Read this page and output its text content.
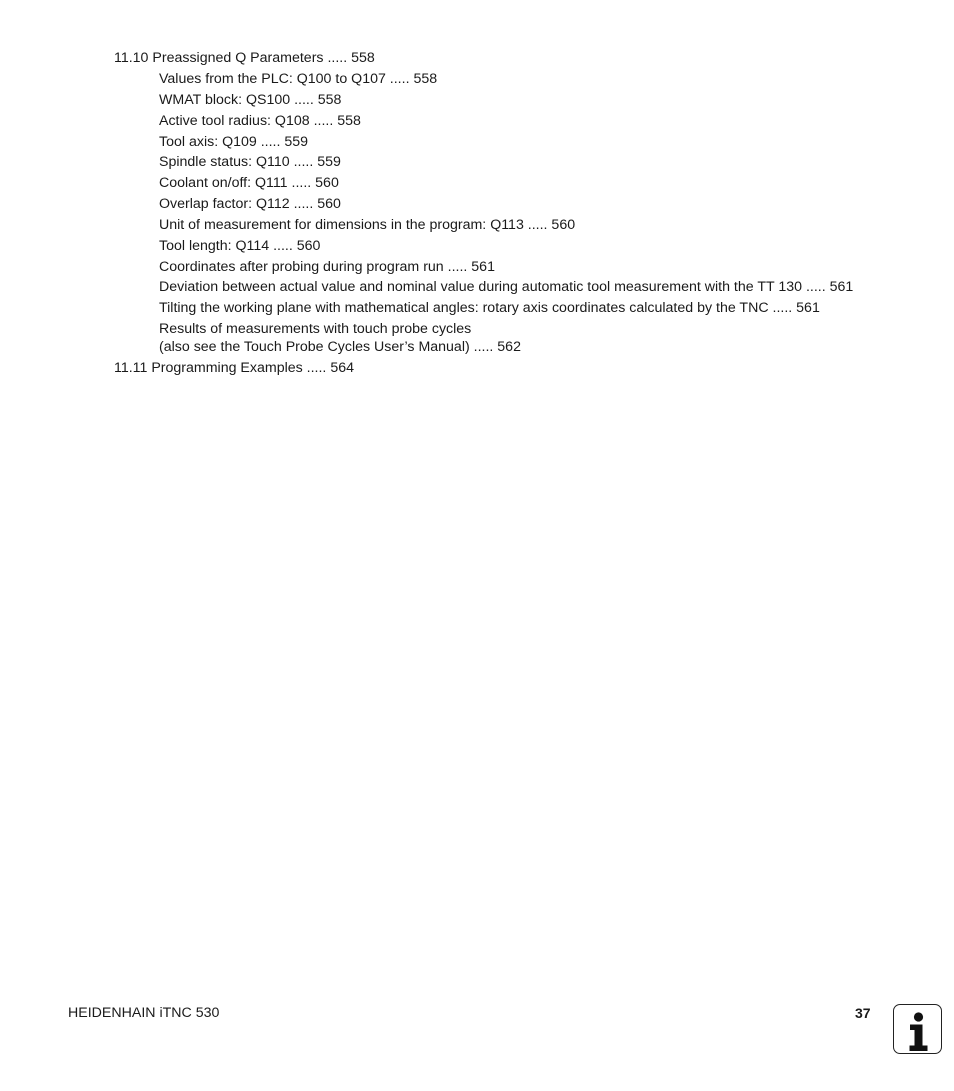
11.10 Preassigned Q Parameters ..... 558
Values from the PLC: Q100 to Q107 ..... 558
WMAT block: QS100 ..... 558
Active tool radius: Q108 ..... 558
Tool axis: Q109 ..... 559
Spindle status: Q110 ..... 559
Coolant on/off: Q111 ..... 560
Overlap factor: Q112 ..... 560
Unit of measurement for dimensions in the program: Q113 ..... 560
Tool length: Q114 ..... 560
Coordinates after probing during program run ..... 561
Deviation between actual value and nominal value during automatic tool measurement with the TT 130 ..... 561
Tilting the working plane with mathematical angles: rotary axis coordinates calculated by the TNC ..... 561
Results of measurements with touch probe cycles
(also see the Touch Probe Cycles User’s Manual) ..... 562
11.11 Programming Examples ..... 564
HEIDENHAIN iTNC 530	37
